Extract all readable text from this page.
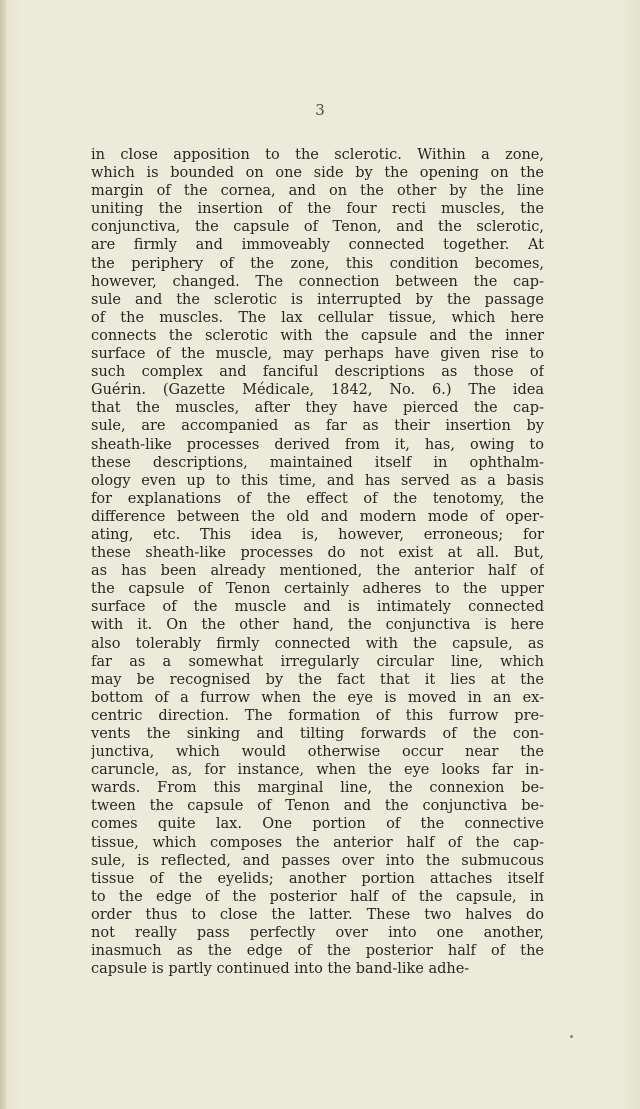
3
in close apposition to the sclerotic. Within a zone,
which is bounded on one side by the opening on the
margin of the cornea, and on the other by the line
uniting the insertion of the four recti muscles, the
conjunctiva, the capsule of Tenon, and the sclerotic,
are firmly and immoveably connected together. At
the periphery of the zone, this condition becomes,
however, changed. The connection between the cap-
sule and the sclerotic is interrupted by the passage
of the muscles. The lax cellular tissue, which here
connects the sclerotic with the capsule and the inner
surface of the muscle, may perhaps have given rise to
such complex and fanciful descriptions as those of
Guérin. (Gazette Médicale, 1842, No. 6.) The idea
that the muscles, after they have pierced the cap-
sule, are accompanied as far as their insertion by
sheath-like processes derived from it, has, owing to
these descriptions, maintained itself in ophthalm-
ology even up to this time, and has served as a basis
for explanations of the effect of the tenotomy, the
difference between the old and modern mode of oper-
ating, etc. This idea is, however, erroneous; for
these sheath-like processes do not exist at all. But,
as has been already mentioned, the anterior half of
the capsule of Tenon certainly adheres to the upper
surface of the muscle and is intimately connected
with it. On the other hand, the conjunctiva is here
also tolerably firmly connected with the capsule, as
far as a somewhat irregularly circular line, which
may be recognised by the fact that it lies at the
bottom of a furrow when the eye is moved in an ex-
centric direction. The formation of this furrow pre-
vents the sinking and tilting forwards of the con-
junctiva, which would otherwise occur near the
caruncle, as, for instance, when the eye looks far in-
wards. From this marginal line, the connexion be-
tween the capsule of Tenon and the conjunctiva be-
comes quite lax. One portion of the connective
tissue, which composes the anterior half of the cap-
sule, is reflected, and passes over into the submucous
tissue of the eyelids; another portion attaches itself
to the edge of the posterior half of the capsule, in
order thus to close the latter. These two halves do
not really pass perfectly over into one another,
inasmuch as the edge of the posterior half of the
capsule is partly continued into the band-like adhe-
